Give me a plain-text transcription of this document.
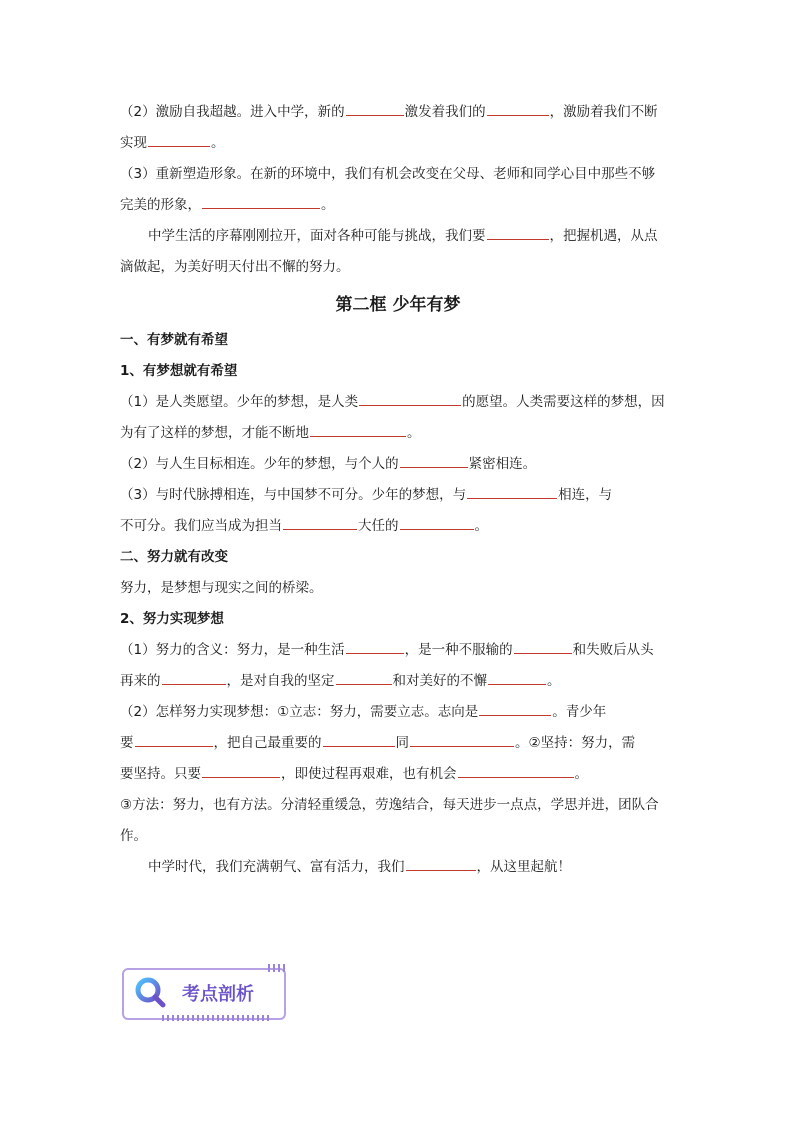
（2）激励自我超越。进入中学，新的	激发着我们的	，激励着我们不断
实现	。
（3）重新塑造形象。在新的环境中，我们有机会改变在父母、老师和同学心目中那些不够
完美的形象，	。
中学生活的序幕刚刚拉开，面对各种可能与挑战，我们要	，把握机遇，从点
滴做起，为美好明天付出不懈的努力。
第二框 少年有梦
一、有梦就有希望
1、有梦想就有希望
（1）是人类愿望。少年的梦想，是人类	的愿望。人类需要这样的梦想，因
为有了这样的梦想，才能不断地	。
（2）与人生目标相连。少年的梦想，与个人的	紧密相连。
（3）与时代脉搏相连，与中国梦不可分。少年的梦想，与	相连，与
不可分。我们应当成为担当	大任的	。
二、努力就有改变
努力，是梦想与现实之间的桥梁。
2、努力实现梦想
（1）努力的含义：努力，是一种生活	，是一种不服输的	和失败后从头
再来的	，是对自我的坚定	和对美好的不懈	。
（2）怎样努力实现梦想：①立志：努力，需要立志。志向是	。青少年
要	，把自己最重要的	同	。②坚持：努力，需
要坚持。只要	，即使过程再艰难，也有机会	。
③方法：努力，也有方法。分清轻重缓急，劳逸结合，每天进步一点点，学思并进，团队合
作。
中学时代，我们充满朝气、富有活力，我们	，从这里起航！
考点剖析
